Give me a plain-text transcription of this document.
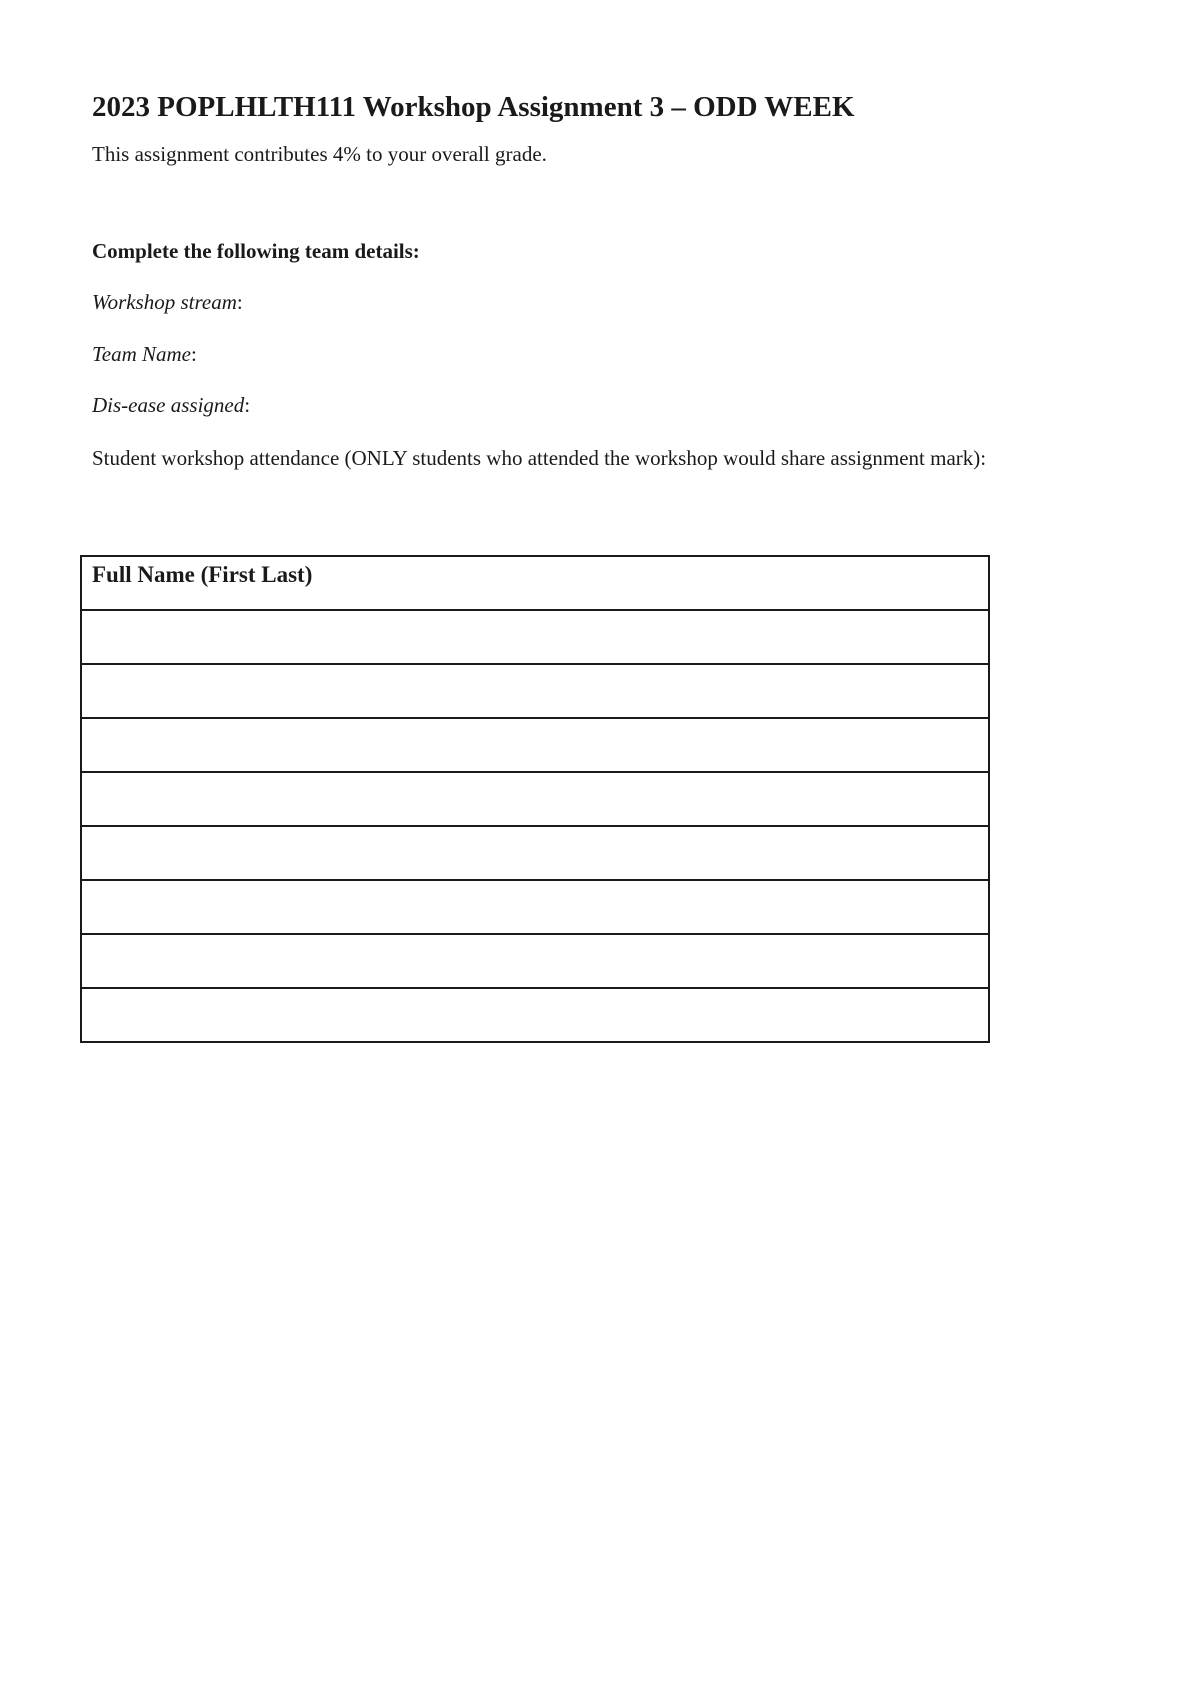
2023 POPLHLTH111 Workshop Assignment 3 – ODD WEEK

This assignment contributes 4% to your overall grade.

Complete the following team details:

Workshop stream:

Team Name:

Dis-ease assigned:

Student workshop attendance (ONLY students who attended the workshop would share assignment mark):

Full Name (First Last)
